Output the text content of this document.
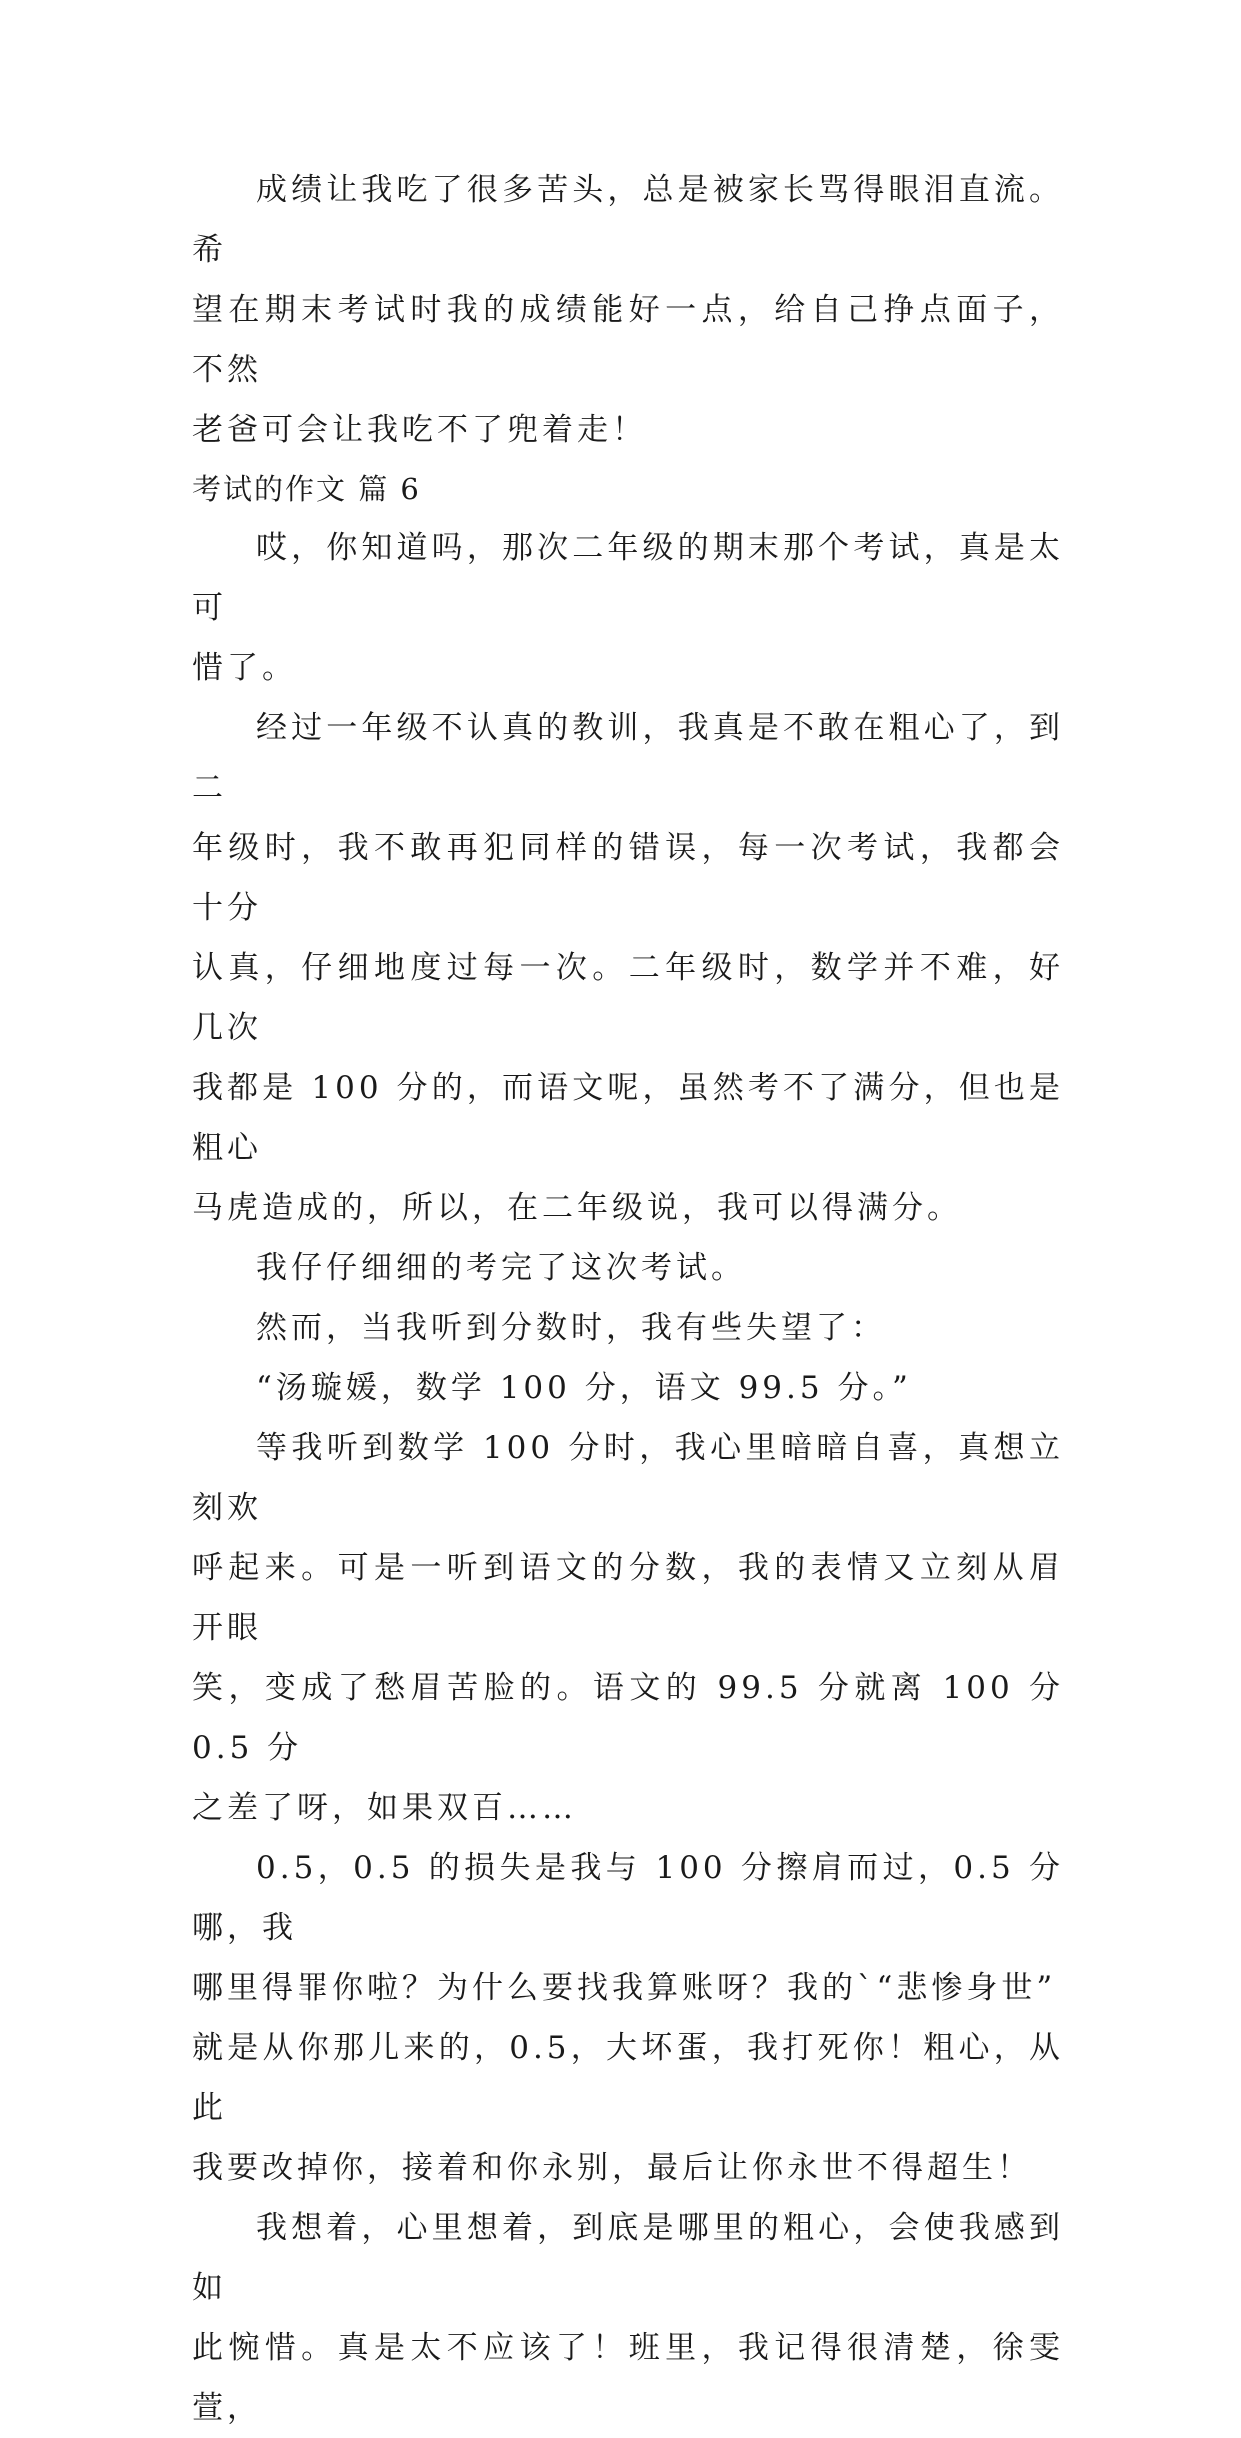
成绩让我吃了很多苦头，总是被家长骂得眼泪直流。希
望在期末考试时我的成绩能好一点，给自己挣点面子，不然
老爸可会让我吃不了兜着走！

考试的作文 篇 6

哎，你知道吗，那次二年级的期末那个考试，真是太可
惜了。

经过一年级不认真的教训，我真是不敢在粗心了，到二
年级时，我不敢再犯同样的错误，每一次考试，我都会十分
认真，仔细地度过每一次。二年级时，数学并不难，好几次
我都是 100 分的，而语文呢，虽然考不了满分，但也是粗心
马虎造成的，所以，在二年级说，我可以得满分。

我仔仔细细的考完了这次考试。

然而，当我听到分数时，我有些失望了：

“汤璇媛，数学 100 分，语文 99.5 分。”

等我听到数学 100 分时，我心里暗暗自喜，真想立刻欢
呼起来。可是一听到语文的分数，我的表情又立刻从眉开眼
笑，变成了愁眉苦脸的。语文的 99.5 分就离 100 分 0.5 分
之差了呀，如果双百……

0.5，0.5 的损失是我与 100 分擦肩而过，0.5 分哪，我
哪里得罪你啦？为什么要找我算账呀？我的`“悲惨身世”
就是从你那儿来的，0.5，大坏蛋，我打死你！粗心，从此
我要改掉你，接着和你永别，最后让你永世不得超生！

我想着，心里想着，到底是哪里的粗心，会使我感到如
此惋惜。真是太不应该了！班里，我记得很清楚，徐雯萱，
